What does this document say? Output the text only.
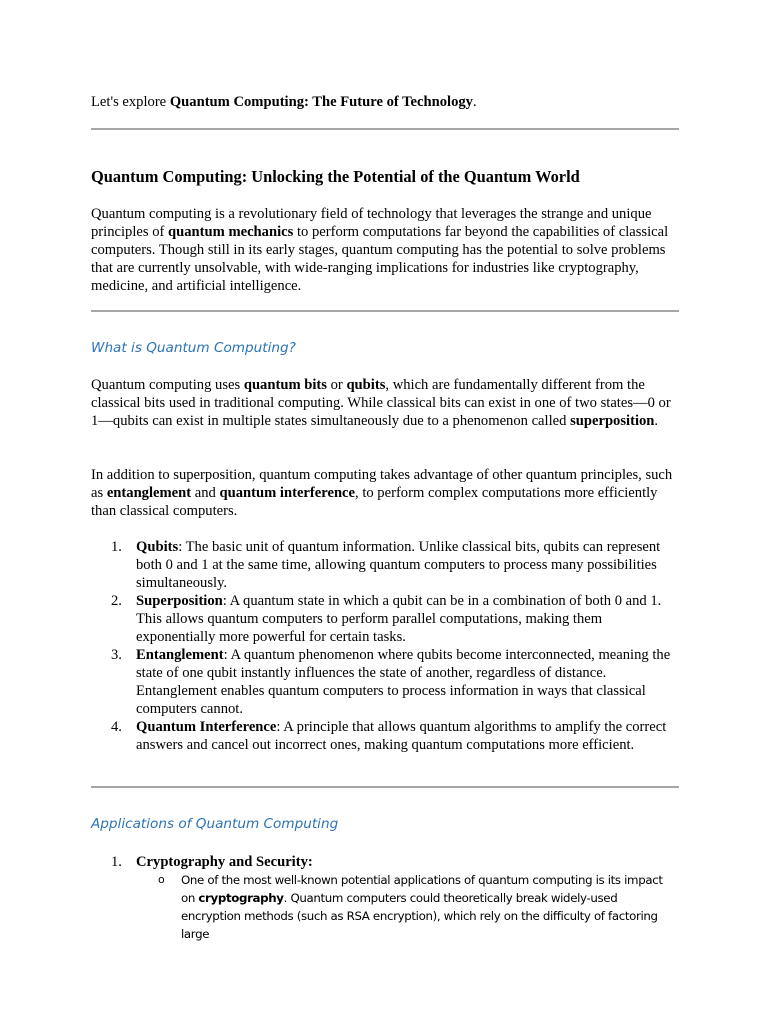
Let's explore Quantum Computing: The Future of Technology.

Quantum Computing: Unlocking the Potential of the Quantum World

Quantum computing is a revolutionary field of technology that leverages the strange and unique principles of quantum mechanics to perform computations far beyond the capabilities of classical computers. Though still in its early stages, quantum computing has the potential to solve problems that are currently unsolvable, with wide-ranging implications for industries like cryptography, medicine, and artificial intelligence.

What is Quantum Computing?

Quantum computing uses quantum bits or qubits, which are fundamentally different from the classical bits used in traditional computing. While classical bits can exist in one of two states—0 or 1—qubits can exist in multiple states simultaneously due to a phenomenon called superposition.

In addition to superposition, quantum computing takes advantage of other quantum principles, such as entanglement and quantum interference, to perform complex computations more efficiently than classical computers.

1. Qubits: The basic unit of quantum information. Unlike classical bits, qubits can represent both 0 and 1 at the same time, allowing quantum computers to process many possibilities simultaneously.
2. Superposition: A quantum state in which a qubit can be in a combination of both 0 and 1. This allows quantum computers to perform parallel computations, making them exponentially more powerful for certain tasks.
3. Entanglement: A quantum phenomenon where qubits become interconnected, meaning the state of one qubit instantly influences the state of another, regardless of distance. Entanglement enables quantum computers to process information in ways that classical computers cannot.
4. Quantum Interference: A principle that allows quantum algorithms to amplify the correct answers and cancel out incorrect ones, making quantum computations more efficient.
Applications of Quantum Computing
1. Cryptography and Security:
o One of the most well-known potential applications of quantum computing is its impact on cryptography. Quantum computers could theoretically break widely-used encryption methods (such as RSA encryption), which rely on the difficulty of factoring large
